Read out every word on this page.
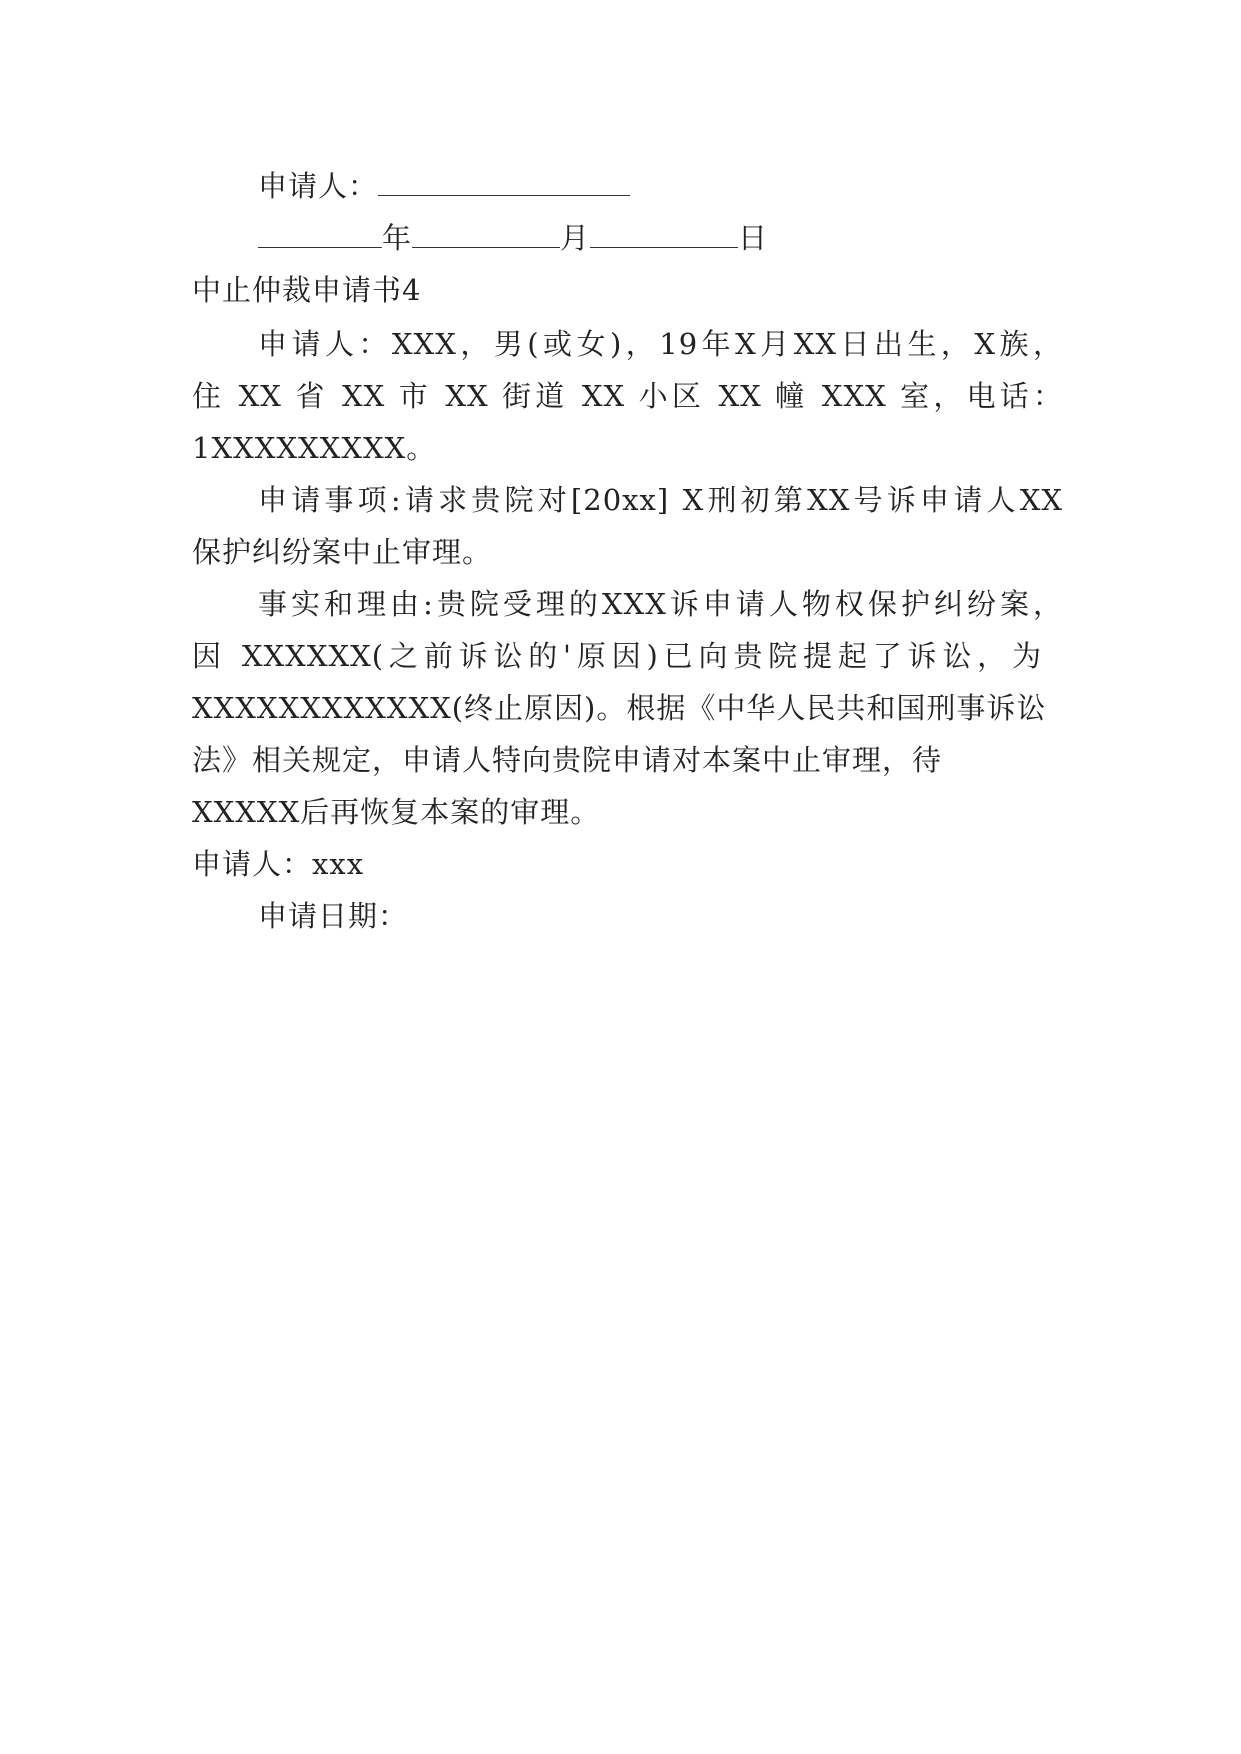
申请人：
年	月	日
中止仲裁申请书4
申请人：XXX，男(或女)，19年X月XX日出生，X族，
住 XX 省 XX 市 XX 街道 XX 小区 XX 幢 XXX 室，电话：
1XXXXXXXXX。
申请事项:请求贵院对[20xx] X刑初第XX号诉申请人XX
保护纠纷案中止审理。
事实和理由:贵院受理的XXX诉申请人物权保护纠纷案，
因 XXXXXX(之前诉讼的'原因)已向贵院提起了诉讼，为
XXXXXXXXXXXX(终止原因)。根据《中华人民共和国刑事诉讼
法》相关规定，申请人特向贵院申请对本案中止审理，待
XXXXX后再恢复本案的审理。
申请人：xxx
申请日期：
